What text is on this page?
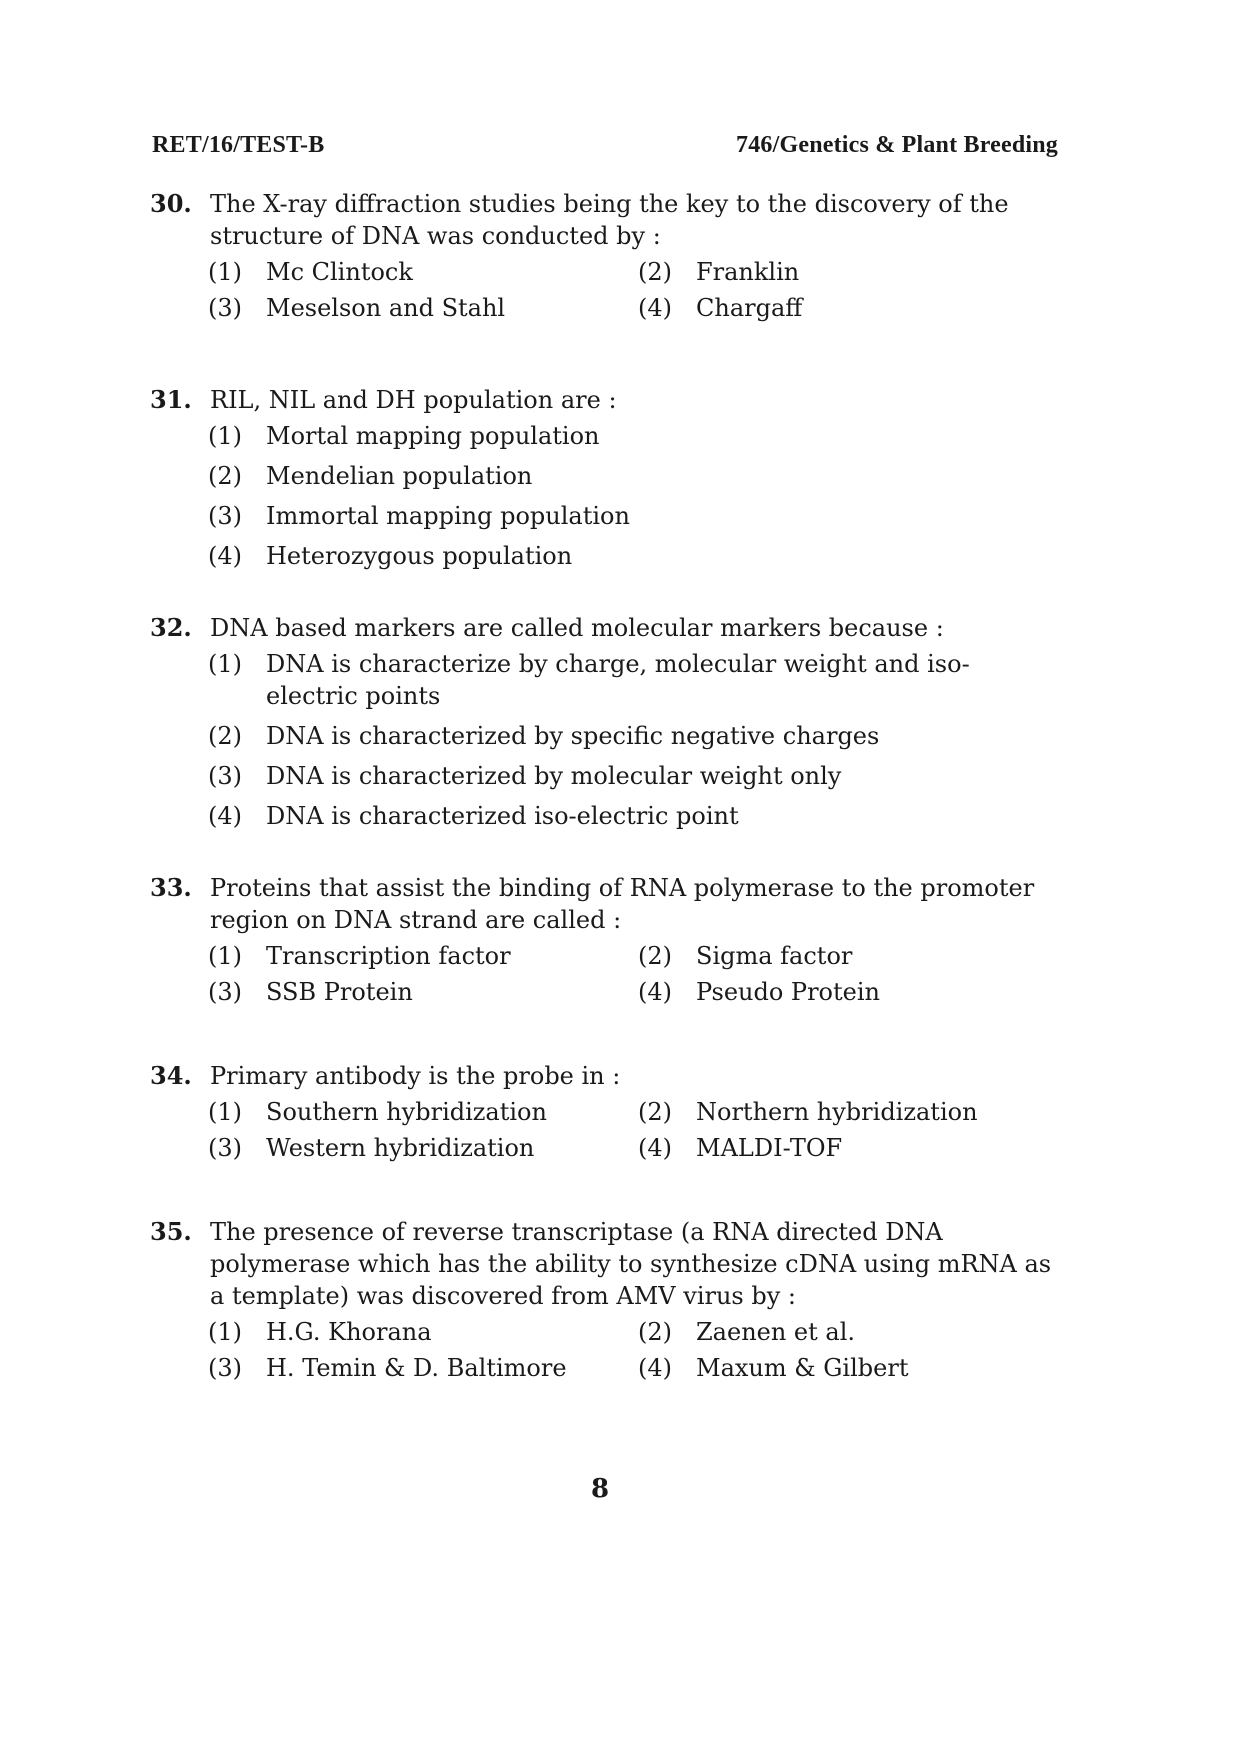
RET/16/TEST-B	746/Genetics & Plant Breeding
30. The X-ray diffraction studies being the key to the discovery of the structure of DNA was conducted by :
(1)	Mc Clintock	(2)	Franklin
(3)	Meselson and Stahl	(4)	Chargaff
31. RIL, NIL and DH population are :
(1)	Mortal mapping population
(2)	Mendelian population
(3)	Immortal mapping population
(4)	Heterozygous population
32. DNA based markers are called molecular markers because :
(1)	DNA is characterize by charge, molecular weight and iso-electric points
(2)	DNA is characterized by specific negative charges
(3)	DNA is characterized by molecular weight only
(4)	DNA is characterized iso-electric point
33. Proteins that assist the binding of RNA polymerase to the promoter region on DNA strand are called :
(1)	Transcription factor	(2)	Sigma factor
(3)	SSB Protein	(4)	Pseudo Protein
34. Primary antibody is the probe in :
(1)	Southern hybridization	(2)	Northern hybridization
(3)	Western hybridization	(4)	MALDI-TOF
35. The presence of reverse transcriptase (a RNA directed DNA polymerase which has the ability to synthesize cDNA using mRNA as a template) was discovered from AMV virus by :
(1)	H.G. Khorana	(2)	Zaenen et al.
(3)	H. Temin & D. Baltimore	(4)	Maxum & Gilbert
8
